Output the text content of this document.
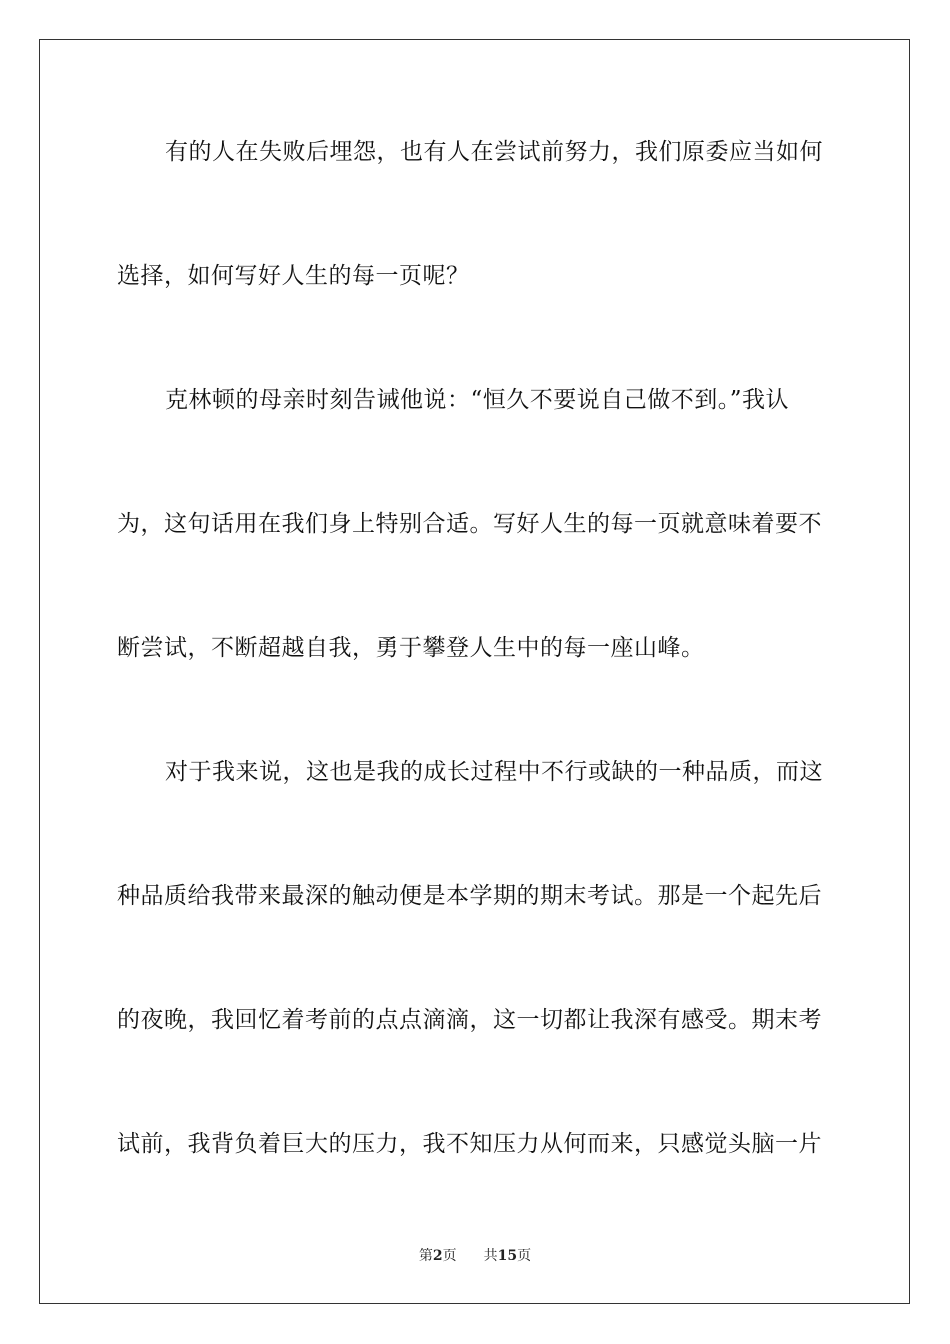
有的人在失败后埋怨，也有人在尝试前努力，我们原委应当如何
选择，如何写好人生的每一页呢？
克林顿的母亲时刻告诫他说：“恒久不要说自己做不到。”我认
为，这句话用在我们身上特别合适。写好人生的每一页就意味着要不
断尝试，不断超越自我，勇于攀登人生中的每一座山峰。
对于我来说，这也是我的成长过程中不行或缺的一种品质，而这
种品质给我带来最深的触动便是本学期的期末考试。那是一个起先后
的夜晚，我回忆着考前的点点滴滴，这一切都让我深有感受。期末考
试前，我背负着巨大的压力，我不知压力从何而来，只感觉头脑一片
第2页 共15页
